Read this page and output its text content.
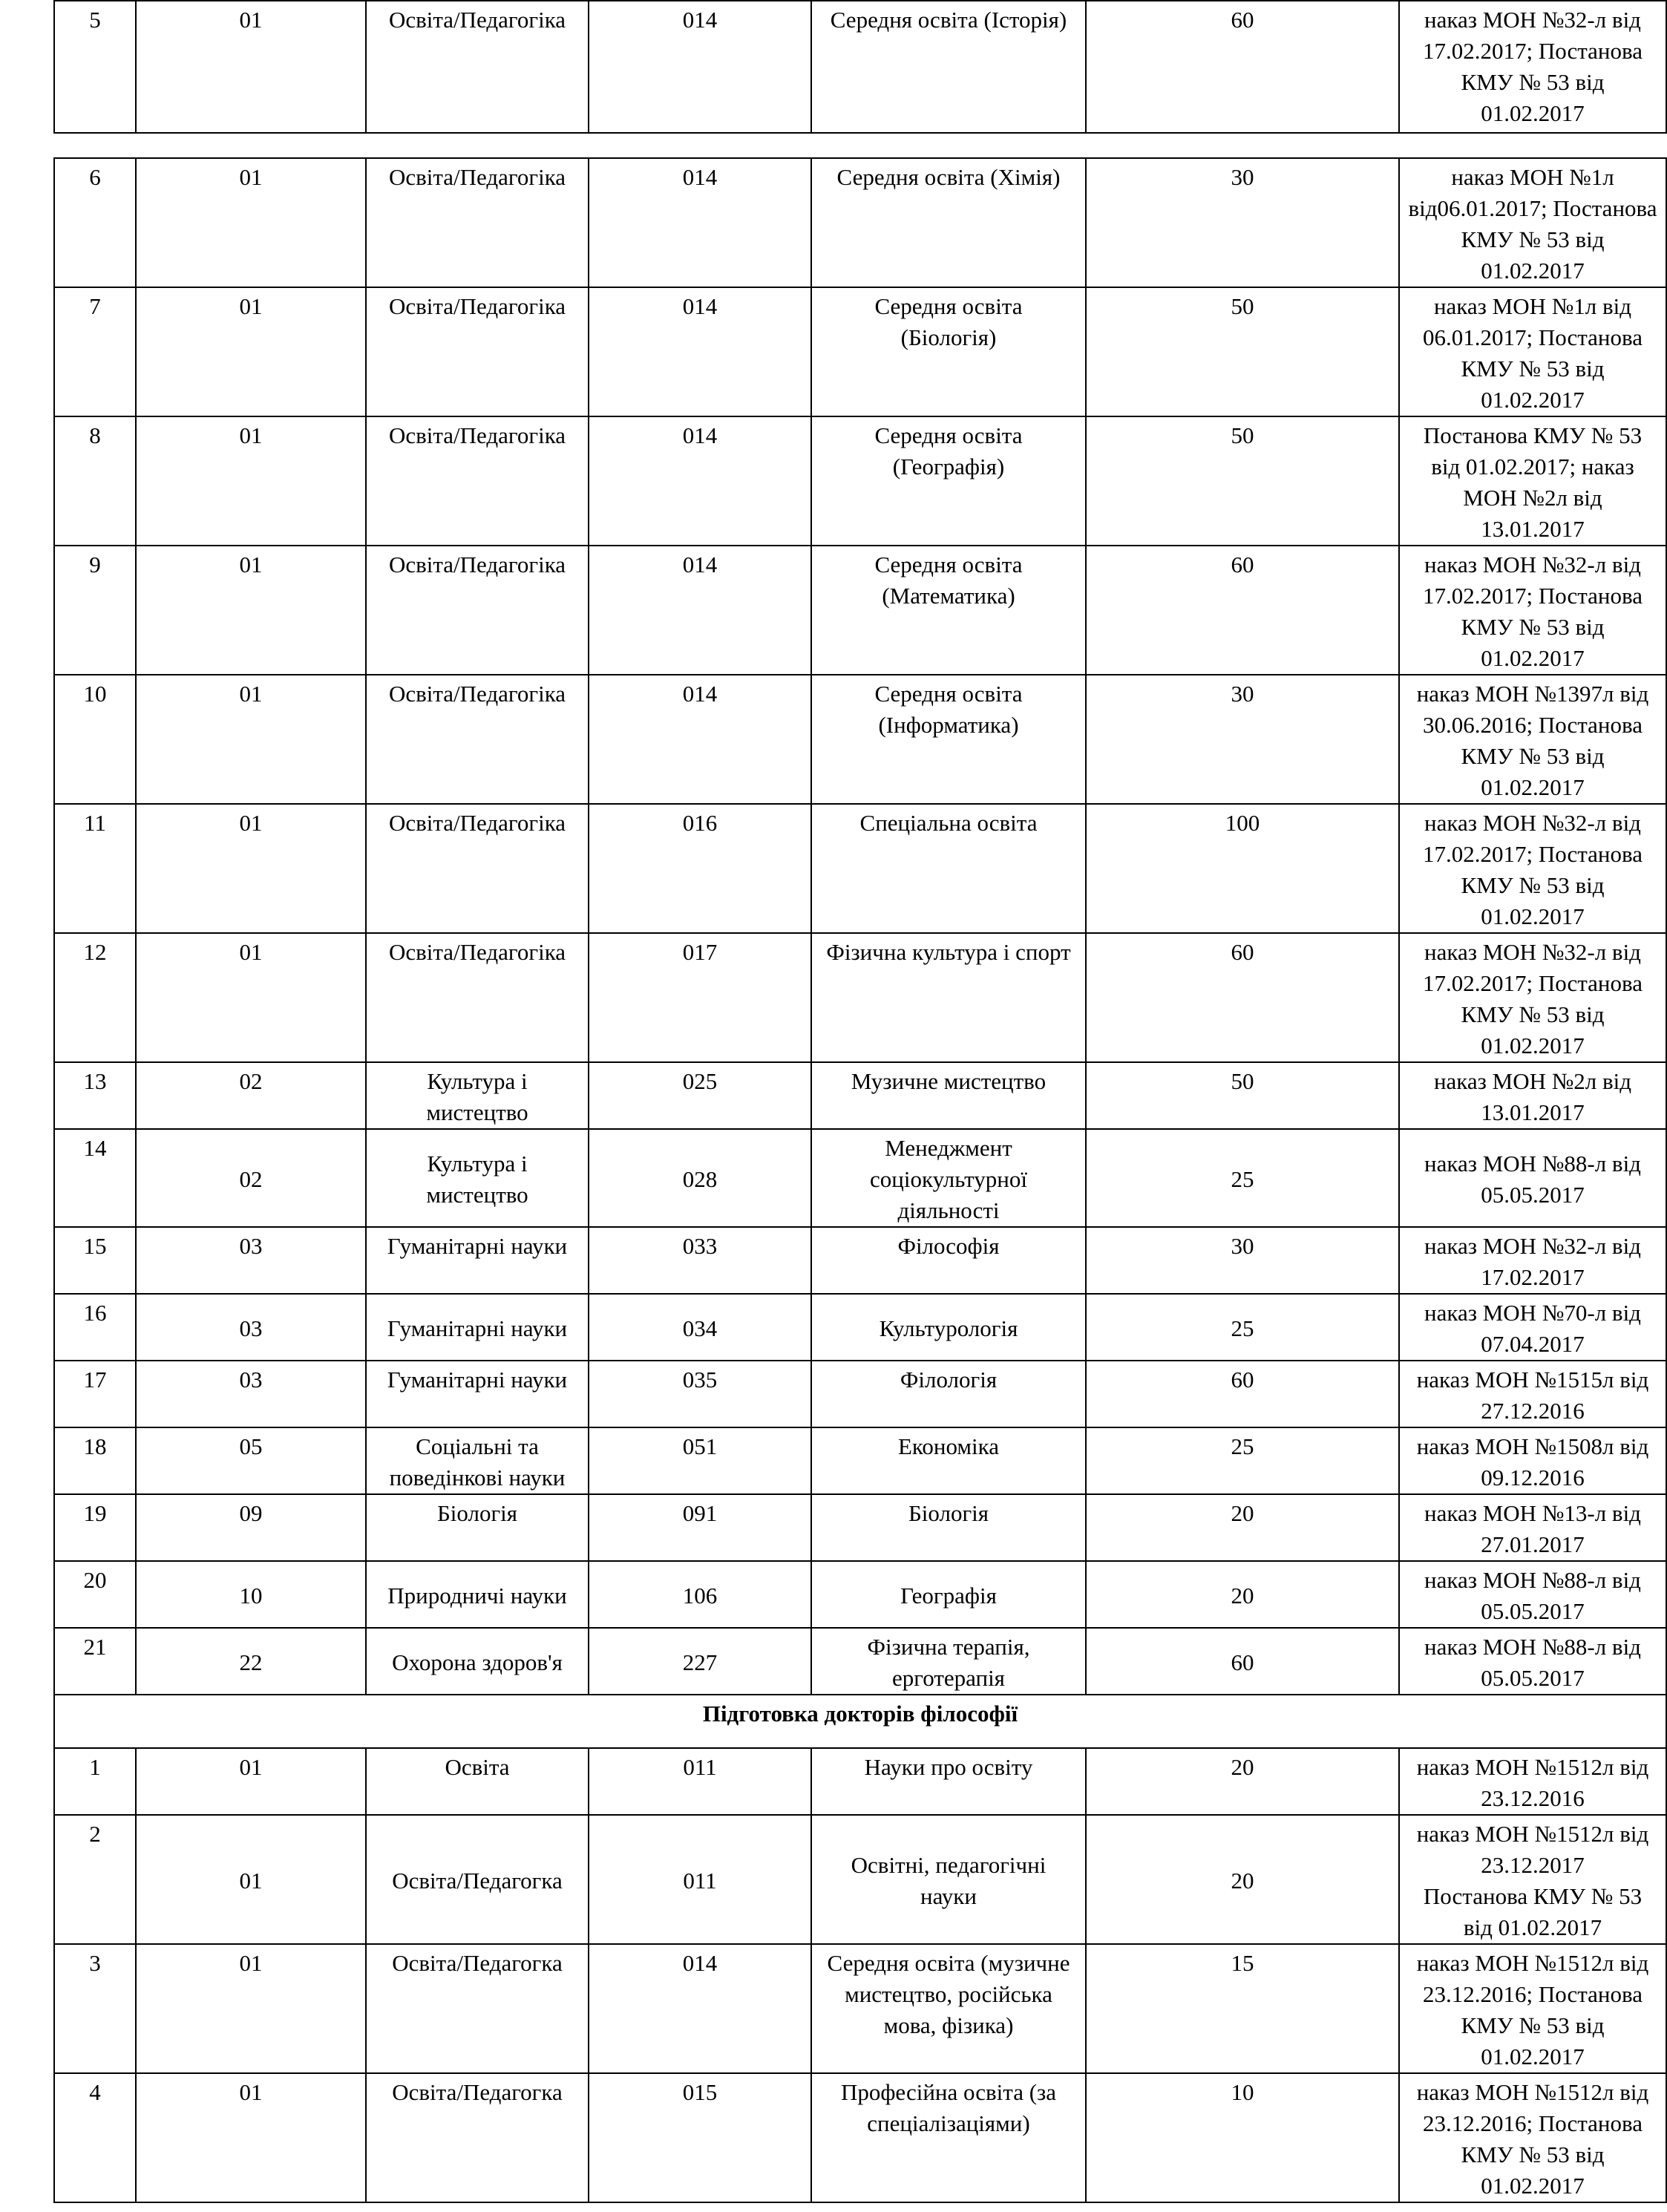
5	01	Освіта/Педагогіка	014	Середня освіта (Історія)	60	наказ МОН №32-л від
17.02.2017; Постанова
КМУ № 53 від
01.02.2017
6	01	Освіта/Педагогіка	014	Середня освіта (Хімія)	30	наказ МОН №1л
від06.01.2017; Постанова
КМУ № 53 від
01.02.2017
7	01	Освіта/Педагогіка	014	Середня освіта
(Біологія)	50	наказ МОН №1л від
06.01.2017; Постанова
КМУ № 53 від
01.02.2017
8	01	Освіта/Педагогіка	014	Середня освіта
(Географія)	50	Постанова КМУ № 53
від 01.02.2017; наказ
МОН №2л від
13.01.2017
9	01	Освіта/Педагогіка	014	Середня освіта
(Математика)	60	наказ МОН №32-л від
17.02.2017; Постанова
КМУ № 53 від
01.02.2017
10	01	Освіта/Педагогіка	014	Середня освіта
(Інформатика)	30	наказ МОН №1397л від
30.06.2016; Постанова
КМУ № 53 від
01.02.2017
11	01	Освіта/Педагогіка	016	Спеціальна освіта	100	наказ МОН №32-л від
17.02.2017; Постанова
КМУ № 53 від
01.02.2017
12	01	Освіта/Педагогіка	017	Фізична культура і спорт	60	наказ МОН №32-л від
17.02.2017; Постанова
КМУ № 53 від
01.02.2017
13	02	Культура і
мистецтво	025	Музичне мистецтво	50	наказ МОН №2л від
13.01.2017
14	02	Культура і
мистецтво	028	Менеджмент
соціокультурної
діяльності	25	наказ МОН №88-л від
05.05.2017
15	03	Гуманітарні науки	033	Філософія	30	наказ МОН №32-л від
17.02.2017
16	03	Гуманітарні науки	034	Культурологія	25	наказ МОН №70-л від
07.04.2017
17	03	Гуманітарні науки	035	Філологія	60	наказ МОН №1515л від
27.12.2016
18	05	Соціальні та
поведінкові науки	051	Економіка	25	наказ МОН №1508л від
09.12.2016
19	09	Біологія	091	Біологія	20	наказ МОН №13-л від
27.01.2017
20	10	Природничі науки	106	Географія	20	наказ МОН №88-л від
05.05.2017
21	22	Охорона здоров'я	227	Фізична терапія,
ерготерапія	60	наказ МОН №88-л від
05.05.2017
Підготовка докторів філософії						
1	01	Освіта	011	Науки про освіту	20	наказ МОН №1512л від
23.12.2016
2	01	Освіта/Педагогка	011	Освітні, педагогічні
науки	20	наказ МОН №1512л від
23.12.2017
Постанова КМУ № 53
від 01.02.2017
3	01	Освіта/Педагогка	014	Середня освіта (музичне
мистецтво, російська
мова, фізика)	15	наказ МОН №1512л від
23.12.2016; Постанова
КМУ № 53 від
01.02.2017
4	01	Освіта/Педагогка	015	Професійна освіта (за
спеціалізаціями)	10	наказ МОН №1512л від
23.12.2016; Постанова
КМУ № 53 від
01.02.2017
